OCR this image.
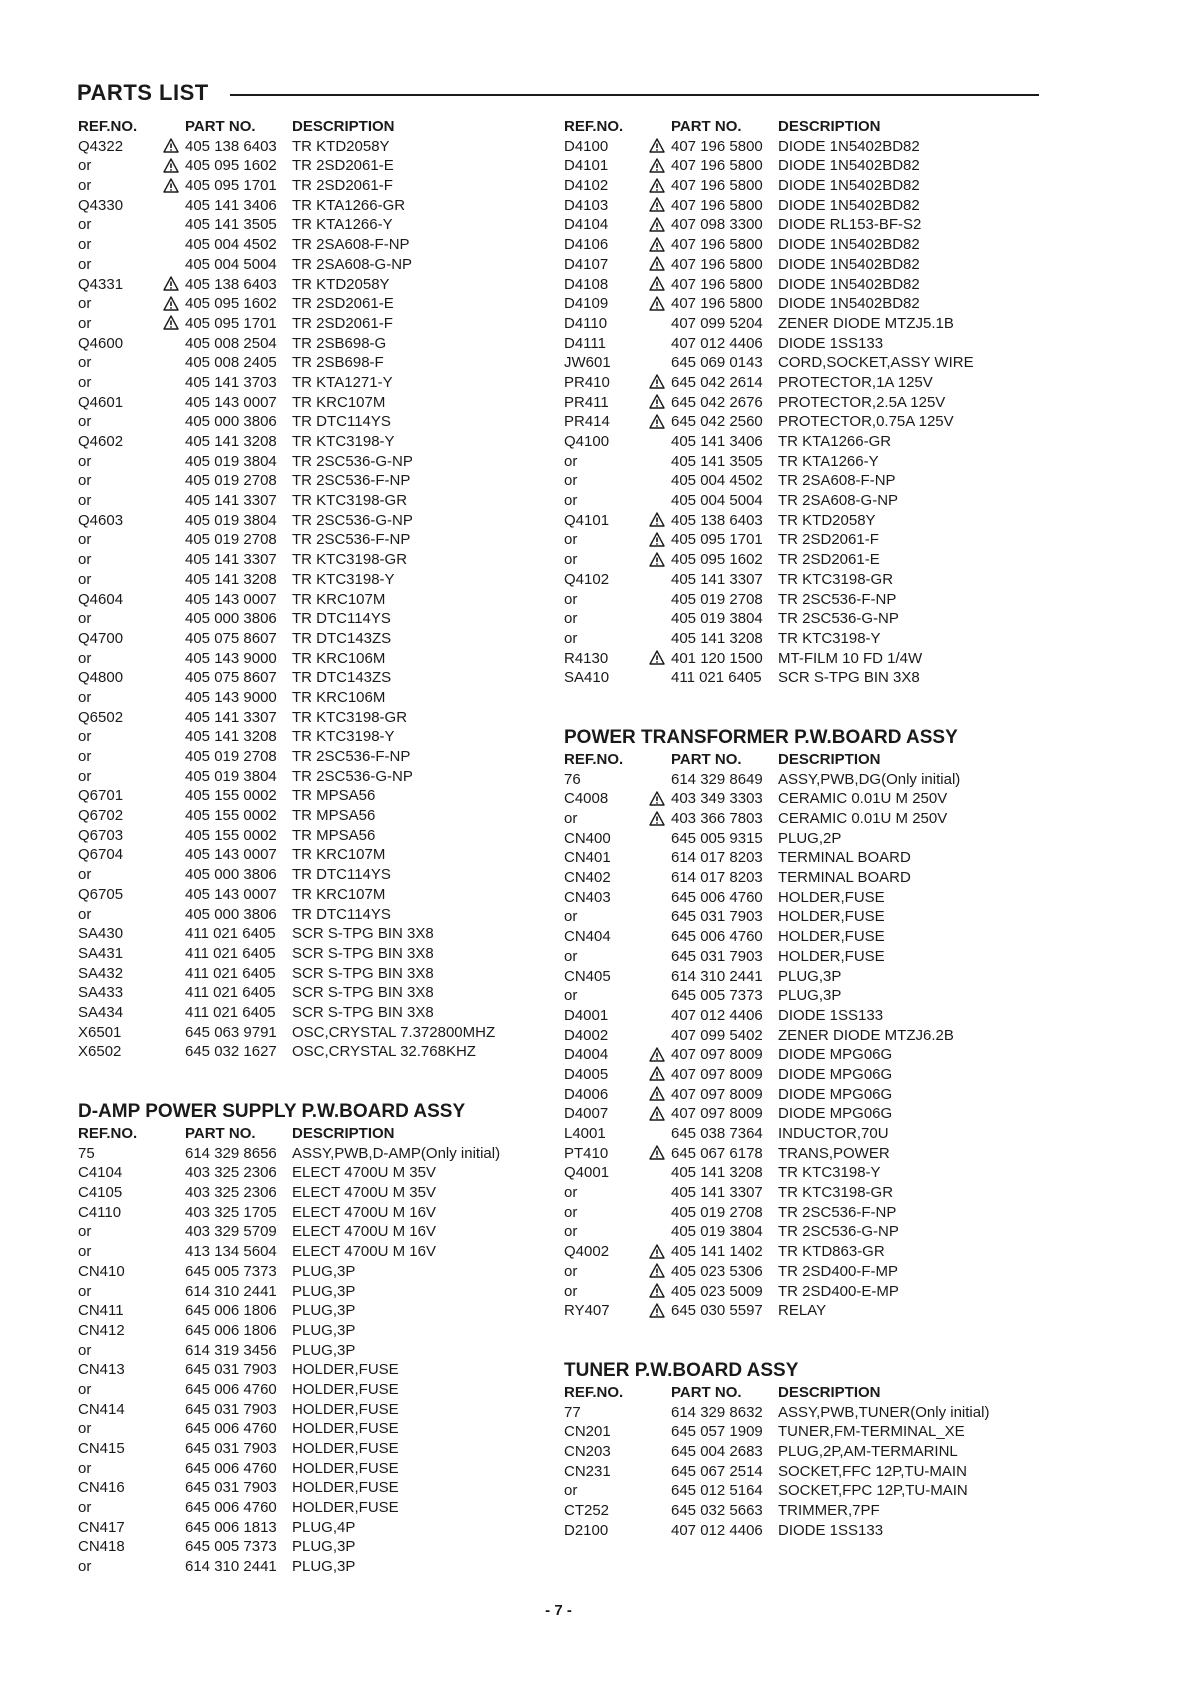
PARTS LIST
REF.NO.	PART NO. DESCRIPTION
Q4322	405 138 6403 TR KTD2058Y
or	405 095 1602 TR 2SD2061-E
or	405 095 1701 TR 2SD2061-F
Q4330	405 141 3406 TR KTA1266-GR
or	405 141 3505 TR KTA1266-Y
or	405 004 4502 TR 2SA608-F-NP
or	405 004 5004 TR 2SA608-G-NP
Q4331	405 138 6403 TR KTD2058Y
or	405 095 1602 TR 2SD2061-E
or	405 095 1701 TR 2SD2061-F
Q4600	405 008 2504 TR 2SB698-G
or	405 008 2405 TR 2SB698-F
or	405 141 3703 TR KTA1271-Y
Q4601	405 143 0007 TR KRC107M
or	405 000 3806 TR DTC114YS
Q4602	405 141 3208 TR KTC3198-Y
or	405 019 3804 TR 2SC536-G-NP
or	405 019 2708 TR 2SC536-F-NP
or	405 141 3307 TR KTC3198-GR
Q4603	405 019 3804 TR 2SC536-G-NP
or	405 019 2708 TR 2SC536-F-NP
or	405 141 3307 TR KTC3198-GR
or	405 141 3208 TR KTC3198-Y
Q4604	405 143 0007 TR KRC107M
or	405 000 3806 TR DTC114YS
Q4700	405 075 8607 TR DTC143ZS
or	405 143 9000 TR KRC106M
Q4800	405 075 8607 TR DTC143ZS
or	405 143 9000 TR KRC106M
Q6502	405 141 3307 TR KTC3198-GR
or	405 141 3208 TR KTC3198-Y
or	405 019 2708 TR 2SC536-F-NP
or	405 019 3804 TR 2SC536-G-NP
Q6701	405 155 0002 TR MPSA56
Q6702	405 155 0002 TR MPSA56
Q6703	405 155 0002 TR MPSA56
Q6704	405 143 0007 TR KRC107M
or	405 000 3806 TR DTC114YS
Q6705	405 143 0007 TR KRC107M
or	405 000 3806 TR DTC114YS
SA430	411 021 6405 SCR S-TPG BIN 3X8
SA431	411 021 6405 SCR S-TPG BIN 3X8
SA432	411 021 6405 SCR S-TPG BIN 3X8
SA433	411 021 6405 SCR S-TPG BIN 3X8
SA434	411 021 6405 SCR S-TPG BIN 3X8
X6501	645 063 9791 OSC,CRYSTAL 7.372800MHZ
X6502	645 032 1627 OSC,CRYSTAL 32.768KHZ
D-AMP POWER SUPPLY P.W.BOARD ASSY
REF.NO.	PART NO. DESCRIPTION
75	614 329 8656 ASSY,PWB,D-AMP(Only initial)
C4104	403 325 2306 ELECT 4700U M 35V
C4105	403 325 2306 ELECT 4700U M 35V
C4110	403 325 1705 ELECT 4700U M 16V
or	403 329 5709 ELECT 4700U M 16V
or	413 134 5604 ELECT 4700U M 16V
CN410	645 005 7373 PLUG,3P
or	614 310 2441 PLUG,3P
CN411	645 006 1806 PLUG,3P
CN412	645 006 1806 PLUG,3P
or	614 319 3456 PLUG,3P
CN413	645 031 7903 HOLDER,FUSE
or	645 006 4760 HOLDER,FUSE
CN414	645 031 7903 HOLDER,FUSE
or	645 006 4760 HOLDER,FUSE
CN415	645 031 7903 HOLDER,FUSE
or	645 006 4760 HOLDER,FUSE
CN416	645 031 7903 HOLDER,FUSE
or	645 006 4760 HOLDER,FUSE
CN417	645 006 1813 PLUG,4P
CN418	645 005 7373 PLUG,3P
or	614 310 2441 PLUG,3P
REF.NO.	PART NO. DESCRIPTION
D4100	407 196 5800 DIODE 1N5402BD82
D4101	407 196 5800 DIODE 1N5402BD82
D4102	407 196 5800 DIODE 1N5402BD82
D4103	407 196 5800 DIODE 1N5402BD82
D4104	407 098 3300 DIODE RL153-BF-S2
D4106	407 196 5800 DIODE 1N5402BD82
D4107	407 196 5800 DIODE 1N5402BD82
D4108	407 196 5800 DIODE 1N5402BD82
D4109	407 196 5800 DIODE 1N5402BD82
D4110	407 099 5204 ZENER DIODE MTZJ5.1B
D4111	407 012 4406 DIODE 1SS133
JW601	645 069 0143 CORD,SOCKET,ASSY WIRE
PR410	645 042 2614 PROTECTOR,1A 125V
PR411	645 042 2676 PROTECTOR,2.5A 125V
PR414	645 042 2560 PROTECTOR,0.75A 125V
Q4100	405 141 3406 TR KTA1266-GR
or	405 141 3505 TR KTA1266-Y
or	405 004 4502 TR 2SA608-F-NP
or	405 004 5004 TR 2SA608-G-NP
Q4101	405 138 6403 TR KTD2058Y
or	405 095 1701 TR 2SD2061-F
or	405 095 1602 TR 2SD2061-E
Q4102	405 141 3307 TR KTC3198-GR
or	405 019 2708 TR 2SC536-F-NP
or	405 019 3804 TR 2SC536-G-NP
or	405 141 3208 TR KTC3198-Y
R4130	401 120 1500 MT-FILM 10 FD 1/4W
SA410	411 021 6405 SCR S-TPG BIN 3X8
POWER TRANSFORMER P.W.BOARD ASSY
REF.NO.	PART NO. DESCRIPTION
76	614 329 8649 ASSY,PWB,DG(Only initial)
C4008	403 349 3303 CERAMIC 0.01U M 250V
or	403 366 7803 CERAMIC 0.01U M 250V
CN400	645 005 9315 PLUG,2P
CN401	614 017 8203 TERMINAL BOARD
CN402	614 017 8203 TERMINAL BOARD
CN403	645 006 4760 HOLDER,FUSE
or	645 031 7903 HOLDER,FUSE
CN404	645 006 4760 HOLDER,FUSE
or	645 031 7903 HOLDER,FUSE
CN405	614 310 2441 PLUG,3P
or	645 005 7373 PLUG,3P
D4001	407 012 4406 DIODE 1SS133
D4002	407 099 5402 ZENER DIODE MTZJ6.2B
D4004	407 097 8009 DIODE MPG06G
D4005	407 097 8009 DIODE MPG06G
D4006	407 097 8009 DIODE MPG06G
D4007	407 097 8009 DIODE MPG06G
L4001	645 038 7364 INDUCTOR,70U
PT410	645 067 6178 TRANS,POWER
Q4001	405 141 3208 TR KTC3198-Y
or	405 141 3307 TR KTC3198-GR
or	405 019 2708 TR 2SC536-F-NP
or	405 019 3804 TR 2SC536-G-NP
Q4002	405 141 1402 TR KTD863-GR
or	405 023 5306 TR 2SD400-F-MP
or	405 023 5009 TR 2SD400-E-MP
RY407	645 030 5597 RELAY
TUNER P.W.BOARD ASSY
REF.NO.	PART NO. DESCRIPTION
77	614 329 8632 ASSY,PWB,TUNER(Only initial)
CN201	645 057 1909 TUNER,FM-TERMINAL_XE
CN203	645 004 2683 PLUG,2P,AM-TERMARINL
CN231	645 067 2514 SOCKET,FFC 12P,TU-MAIN
or	645 012 5164 SOCKET,FPC 12P,TU-MAIN
CT252	645 032 5663 TRIMMER,7PF
D2100	407 012 4406 DIODE 1SS133
- 7 -
